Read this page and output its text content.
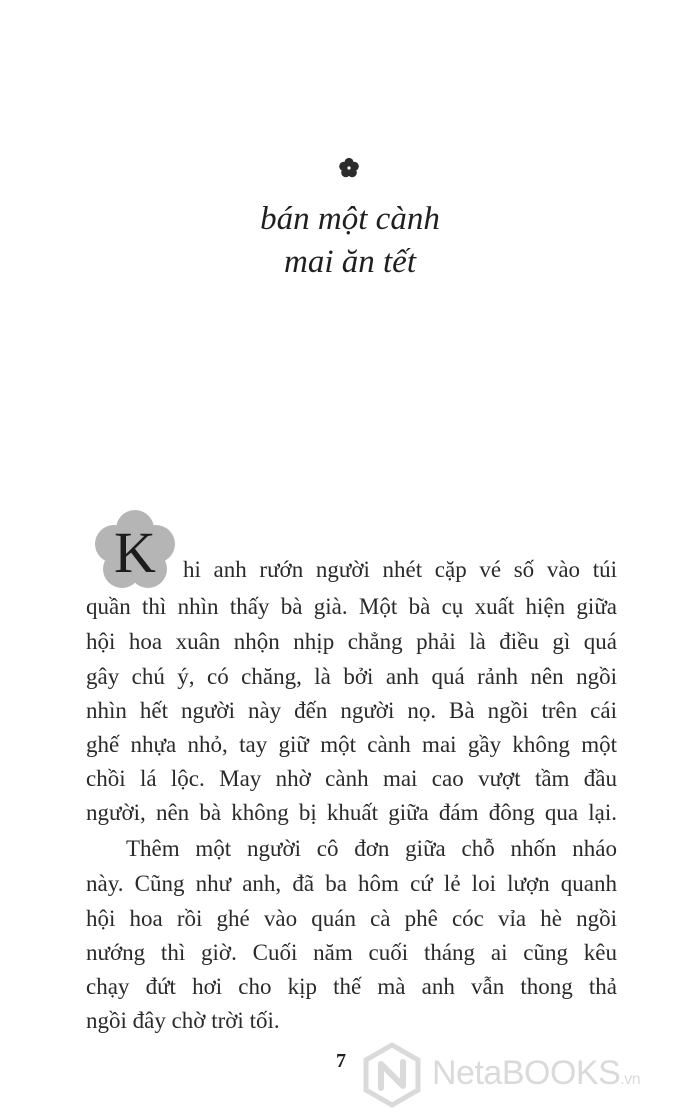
bán một cành
mai ăn tết
K hi anh rướn người nhét cặp vé số vào túi
quần thì nhìn thấy bà già. Một bà cụ xuất hiện giữa
hội hoa xuân nhộn nhịp chẳng phải là điều gì quá
gây chú ý, có chăng, là bởi anh quá rảnh nên ngồi
nhìn hết người này đến người nọ. Bà ngồi trên cái
ghế nhựa nhỏ, tay giữ một cành mai gầy không một
chồi lá lộc. May nhờ cành mai cao vượt tầm đầu
người, nên bà không bị khuất giữa đám đông qua lại.
Thêm một người cô đơn giữa chỗ nhốn nháo
này. Cũng như anh, đã ba hôm cứ lẻ loi lượn quanh
hội hoa rồi ghé vào quán cà phê cóc vỉa hè ngồi
nướng thì giờ. Cuối năm cuối tháng ai cũng kêu
chạy đứt hơi cho kịp thế mà anh vẫn thong thả
ngồi đây chờ trời tối.
7	NetaBOOKS.vn
